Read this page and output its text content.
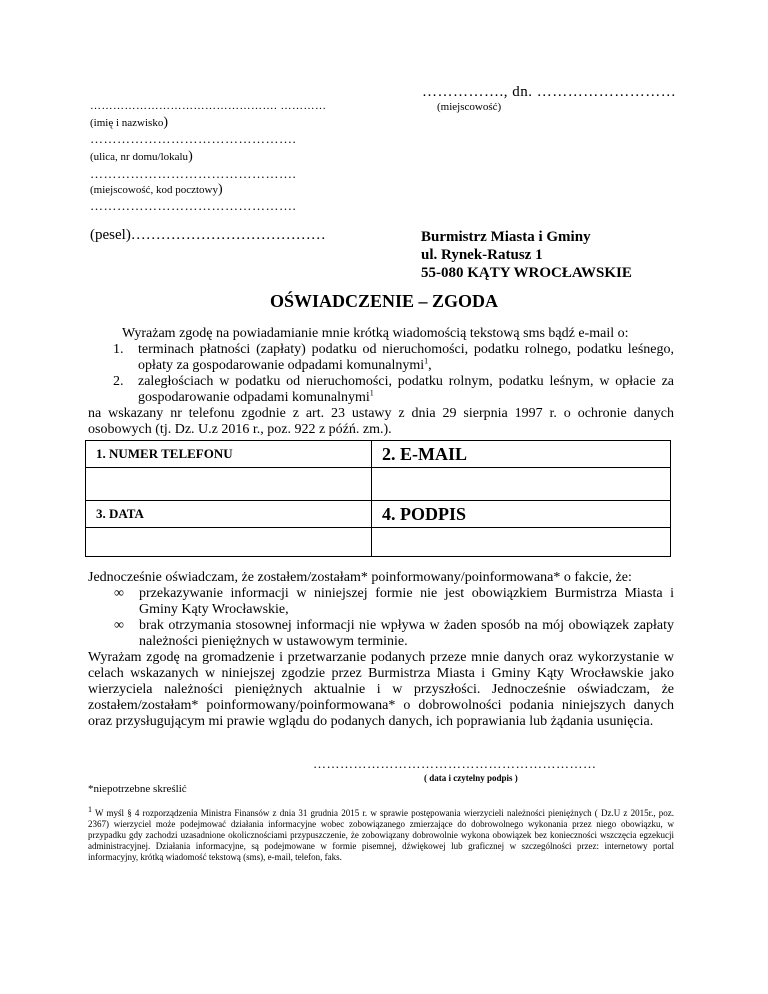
……………., dn. ………………………
(miejscowość)
…………………………………………. …………
(imię i nazwisko)
……………………………………….
(ulica, nr domu/lokalu)
……………………………………….
(miejscowość, kod pocztowy)
……………………………………….
(pesel)…………………………………	Burmistrz Miasta i Gminy
ul. Rynek-Ratusz 1
55-080 KĄTY WROCŁAWSKIE
OŚWIADCZENIE – ZGODA
Wyrażam zgodę na powiadamianie mnie krótką wiadomością tekstową sms bądź e-mail o:
1. terminach płatności (zapłaty) podatku od nieruchomości, podatku rolnego, podatku leśnego, opłaty za gospodarowanie odpadami komunalnymi$^1$,
2. zaległościach w podatku od nieruchomości, podatku rolnym, podatku leśnym, w opłacie za gospodarowanie odpadami komunalnymi$^1$
na wskazany nr telefonu zgodnie z art. 23 ustawy z dnia 29 sierpnia 1997 r. o ochronie danych osobowych (tj. Dz. U.z 2016 r., poz. 922 z późń. zm.).
1. NUMER TELEFONU	2. E-MAIL

3. DATA	4. PODPIS

Jednocześnie oświadczam, że zostałem/zostałam* poinformowany/poinformowana* o fakcie, że:
∞ przekazywanie informacji w niniejszej formie nie jest obowiązkiem Burmistrza Miasta i Gminy Kąty Wrocławskie,
∞ brak otrzymania stosownej informacji nie wpływa w żaden sposób na mój obowiązek zapłaty należności pieniężnych w ustawowym terminie.
Wyrażam zgodę na gromadzenie i przetwarzanie podanych przeze mnie danych oraz wykorzystanie w celach wskazanych w niniejszej zgodzie przez Burmistrza Miasta i Gminy Kąty Wrocławskie jako wierzyciela należności pieniężnych aktualnie i w przyszłości. Jednocześnie oświadczam, że zostałem/zostałam* poinformowany/poinformowana* o dobrowolności podania niniejszych danych oraz przysługującym mi prawie wglądu do podanych danych, ich poprawiania lub żądania usunięcia.
………………………………………………………
( data i czytelny podpis )
*niepotrzebne skreślić
1 W myśl § 4 rozporządzenia Ministra Finansów z dnia 31 grudnia 2015 r. w sprawie postępowania wierzycieli należności pieniężnych ( Dz.U z 2015r., poz. 2367) wierzyciel może podejmować działania informacyjne wobec zobowiązanego zmierzające do dobrowolnego wykonania przez niego obowiązku, w przypadku gdy zachodzi uzasadnione okolicznościami przypuszczenie, że zobowiązany dobrowolnie wykona obowiązek bez konieczności wszczęcia egzekucji administracyjnej. Działania informacyjne, są podejmowane w formie pisemnej, dźwiękowej lub graficznej w szczególności przez: internetowy portal informacyjny, krótką wiadomość tekstową (sms), e-mail, telefon, faks.
